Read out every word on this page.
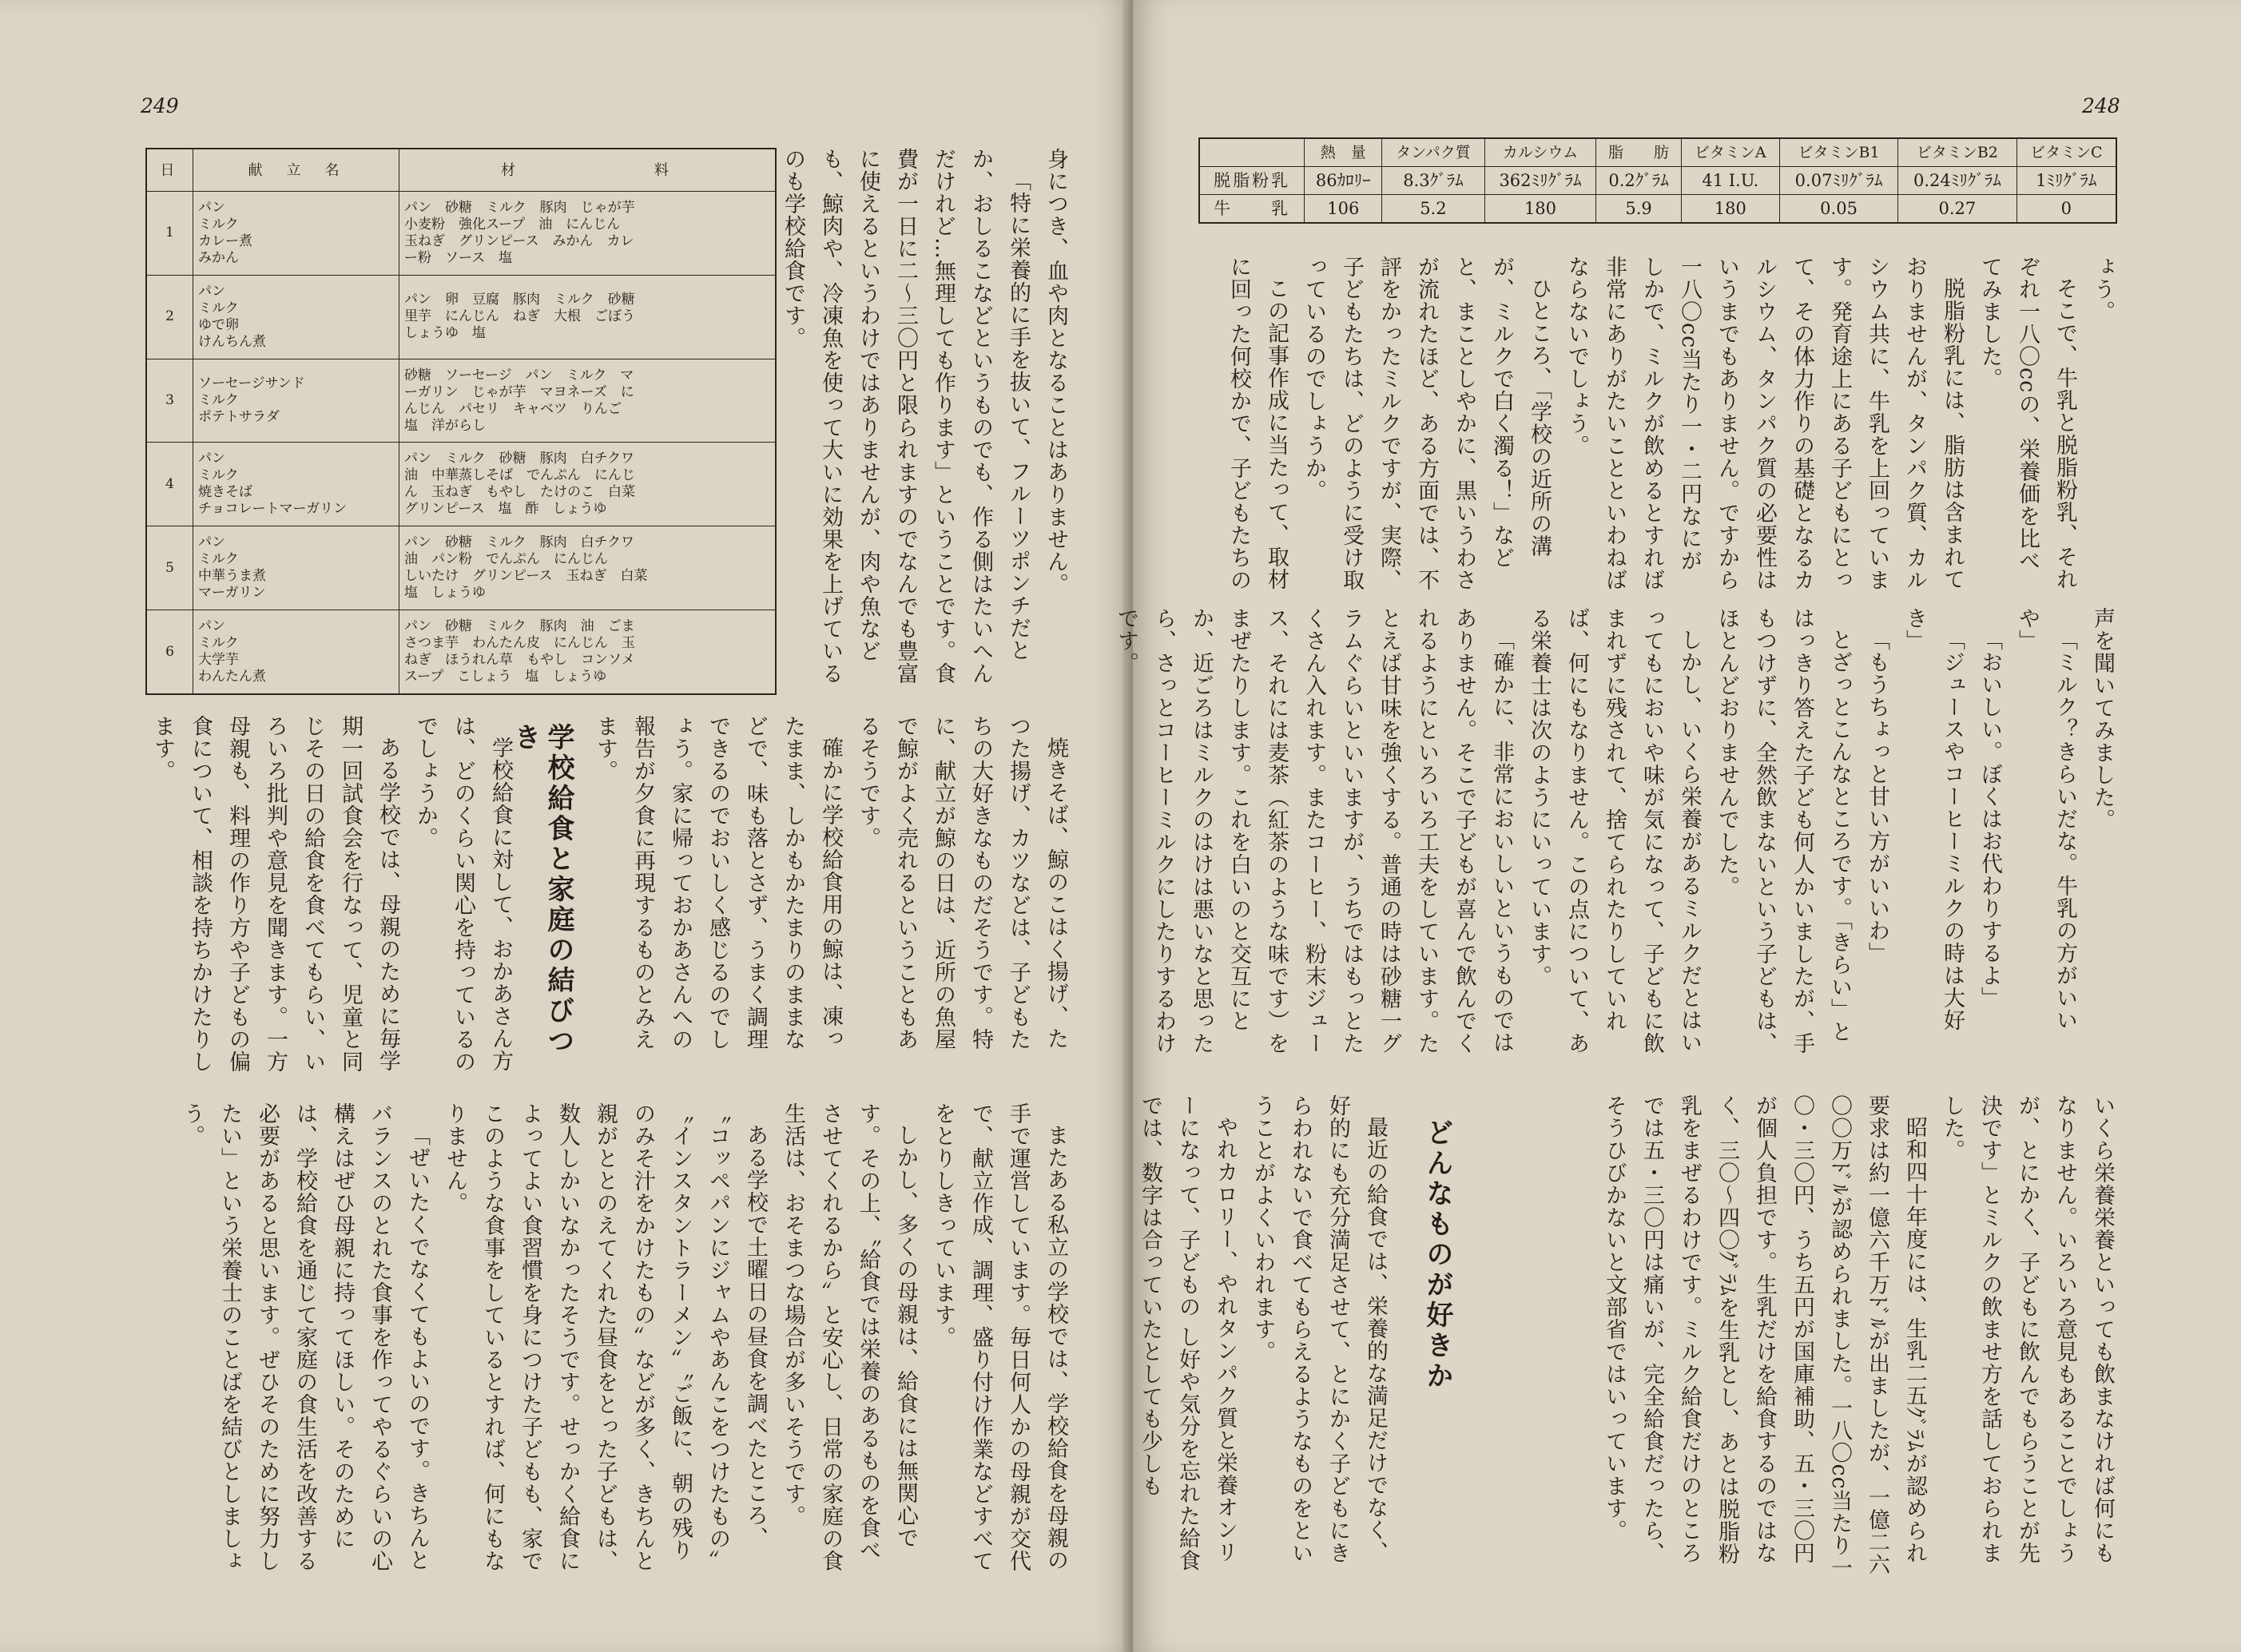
249
日	献　立　名	材　　　　　　　料
1	パン
ミルク
カレー煮
みかん	パン　砂糖　ミルク　豚肉　じゃが芋
小麦粉　強化スープ　油　にんじん
玉ねぎ　グリンピース　みかん　カレ
ー粉　ソース　塩

2	パン
ミルク
ゆで卵
けんちん煮	パン　卵　豆腐　豚肉　ミルク　砂糖
里芋　にんじん　ねぎ　大根　ごぼう
しょうゆ　塩

3	ソーセージサンド
ミルク
ポテトサラダ	砂糖　ソーセージ　パン　ミルク　マ
ーガリン　じゃが芋　マヨネーズ　に
んじん　パセリ　キャベツ　りんご
塩　洋がらし

4	パン
ミルク
焼きそば
チョコレートマーガリン	パン　ミルク　砂糖　豚肉　白チクワ
油　中華蒸しそば　でんぷん　にんじ
ん　玉ねぎ　もやし　たけのこ　白菜
グリンピース　塩　酢　しょうゆ

5	パン
ミルク
中華うま煮
マーガリン	パン　砂糖　ミルク　豚肉　白チクワ
油　パン粉　でんぷん　にんじん
しいたけ　グリンピース　玉ねぎ　白菜
塩　しょうゆ

6	パン
ミルク
大学芋
わんたん煮	パン　砂糖　ミルク　豚肉　油　ごま
さつま芋　わんたん皮　にんじん　玉
ねぎ　ほうれん草　もやし　コンソメ
スープ　こしょう　塩　しょうゆ

身につき、血や肉となることはありません。

「特に栄養的に手を抜いて、フルーツポンチだとか、おしるこなどというものでも、作る側はたいへんだけれど…無理しても作ります」ということです。食費が一日に二〜三〇円と限られますのでなんでも豊富に使えるというわけではありませんが、肉や魚なども、鯨肉や、冷凍魚を使って大いに効果を上げているのも学校給食です。

焼きそば、鯨のこはく揚げ、たつた揚げ、カツなどは、子どもたちの大好きなものだそうです。特に、献立が鯨の日は、近所の魚屋で鯨がよく売れるということもあるそうです。

確かに学校給食用の鯨は、凍ったまま、しかもかたまりのままなどで、味も落とさず、うまく調理できるのでおいしく感じるのでしょう。家に帰っておかあさんへの報告が夕食に再現するものとみえます。

学校給食と家庭の結びつき

学校給食に対して、おかあさん方は、どのくらい関心を持っているのでしょうか。

ある学校では、母親のために毎学期一回試食会を行なって、児童と同じその日の給食を食べてもらい、いろいろ批判や意見を聞きます。一方母親も、料理の作り方や子どもの偏食について、相談を持ちかけたりします。

またある私立の学校では、学校給食を母親の手で運営しています。毎日何人かの母親が交代で、献立作成、調理、盛り付け作業などすべてをとりしきっています。

しかし、多くの母親は、給食には無関心です。その上、〝給食では栄養のあるものを食べさせてくれるから〟と安心し、日常の家庭の食生活は、おそまつな場合が多いそうです。

ある学校で土曜日の昼食を調べたところ、〝コッペパンにジャムやあんこをつけたもの〟〝インスタントラーメン〟〝ご飯に、朝の残りのみそ汁をかけたもの〟などが多く、きちんと親がととのえてくれた昼食をとった子どもは、数人しかいなかったそうです。せっかく給食によってよい食習慣を身につけた子どもも、家でこのような食事をしているとすれば、何にもなりません。

「ぜいたくでなくてもよいのです。きちんとバランスのとれた食事を作ってやるぐらいの心構えはぜひ母親に持ってほしい。そのためには、学校給食を通じて家庭の食生活を改善する必要があると思います。ぜひそのために努力したい」という栄養士のことばを結びとしましょう。

248
	熱　量	タンパク質	カルシウム	脂　　肪	ビタミンA	ビタミンB1	ビタミンB2	ビタミンC
脱脂粉乳	86ｶﾛﾘｰ	8.3ｸﾞﾗﾑ	362ﾐﾘｸﾞﾗﾑ	0.2ｸﾞﾗﾑ	41 I.U.	0.07ﾐﾘｸﾞﾗﾑ	0.24ﾐﾘｸﾞﾗﾑ	1ﾐﾘｸﾞﾗﾑ
牛　　乳	106	5.2	180	5.9	180	0.05	0.27	0

ょう。

そこで、牛乳と脱脂粉乳、それぞれ一八〇ccの、栄養価を比べてみました。

脱脂粉乳には、脂肪は含まれておりませんが、タンパク質、カルシウム共に、牛乳を上回っています。発育途上にある子どもにとって、その体力作りの基礎となるカルシウム、タンパク質の必要性はいうまでもありません。ですから一八〇cc当たり一・二円なにがしかで、ミルクが飲めるとすれば非常にありがたいことといわねばならないでしょう。

ひところ、「学校の近所の溝が、ミルクで白く濁る！」などと、まことしやかに、黒いうわさが流れたほど、ある方面では、不評をかったミルクですが、実際、子どもたちは、どのように受け取っているのでしょうか。

この記事作成に当たって、取材に回った何校かで、子どもたちの

声を聞いてみました。

「ミルク？きらいだな。牛乳の方がいいや」

「おいしい。ぼくはお代わりするよ」

「ジュースやコーヒーミルクの時は大好き」

「もうちょっと甘い方がいいわ」

とざっとこんなところです。「きらい」とはっきり答えた子ども何人かいましたが、手もつけずに、全然飲まないという子どもは、ほとんどおりませんでした。

しかし、いくら栄養があるミルクだとはいってもにおいや味が気になって、子どもに飲まれずに残されて、捨てられたりしていれば、何にもなりません。この点について、ある栄養士は次のようにいっています。

「確かに、非常においしいというものではありません。そこで子どもが喜んで飲んでくれるようにといろいろ工夫をしています。たとえば甘味を強くする。普通の時は砂糖一グラムぐらいといいますが、うちではもっとたくさん入れます。またコーヒー、粉末ジュース、それには麦茶（紅茶のような味です）をまぜたりします。これを白いのと交互にとか、近ごろはミルクのはけは悪いなと思ったら、さっとコーヒーミルクにしたりするわけです。

いくら栄養栄養といっても飲まなければ何にもなりません。いろいろ意見もあることでしょうが、とにかく、子どもに飲んでもらうことが先決です」とミルクの飲ませ方を話しておられました。

昭和四十年度には、生乳二五ｸﾞﾗﾑが認められ要求は約一億六千万ﾄﾞﾙが出ましたが、一億二六〇〇万ﾄﾞﾙが認められました。一八〇cc当たり一〇・三〇円、うち五円が国庫補助、五・三〇円が個人負担です。生乳だけを給食するのではなく、三〇〜四〇ｸﾞﾗﾑを生乳とし、あとは脱脂粉乳をまぜるわけです。ミルク給食だけのところでは五・三〇円は痛いが、完全給食だったら、そうひびかないと文部省ではいっています。

どんなものが好きか

最近の給食では、栄養的な満足だけでなく、好的にも充分満足させて、とにかく子どもにきらわれないで食べてもらえるようなものをということがよくいわれます。

やれカロリー、やれタンパク質と栄養オンリーになって、子どもの し好や気分を忘れた給食では、数字は合っていたとしても少しも
